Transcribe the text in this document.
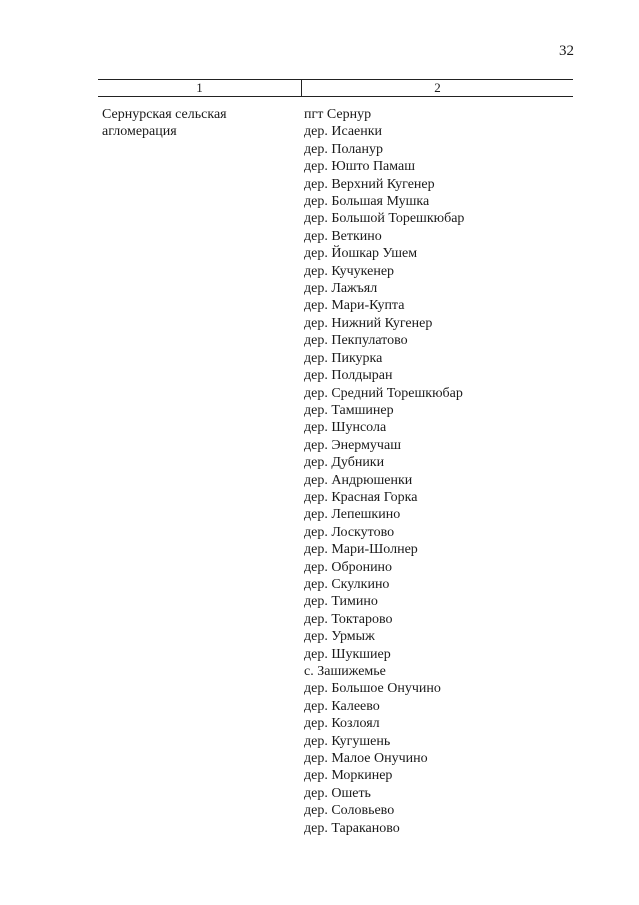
32
1	2
Сернурская сельская
агломерация
пгт Сернур
дер. Исаенки
дер. Поланур
дер. Юшто Памаш
дер. Верхний Кугенер
дер. Большая Мушка
дер. Большой Торешкюбар
дер. Веткино
дер. Йошкар Ушем
дер. Кучукенер
дер. Лажъял
дер. Мари-Купта
дер. Нижний Кугенер
дер. Пекпулатово
дер. Пикурка
дер. Полдыран
дер. Средний Торешкюбар
дер. Тамшинер
дер. Шунсола
дер. Энермучаш
дер. Дубники
дер. Андрюшенки
дер. Красная Горка
дер. Лепешкино
дер. Лоскутово
дер. Мари-Шолнер
дер. Обронино
дер. Скулкино
дер. Тимино
дер. Токтарово
дер. Урмыж
дер. Шукшиер
с. Зашижемье
дер. Большое Онучино
дер. Калеево
дер. Козлоял
дер. Кугушень
дер. Малое Онучино
дер. Моркинер
дер. Ошеть
дер. Соловьево
дер. Тараканово
